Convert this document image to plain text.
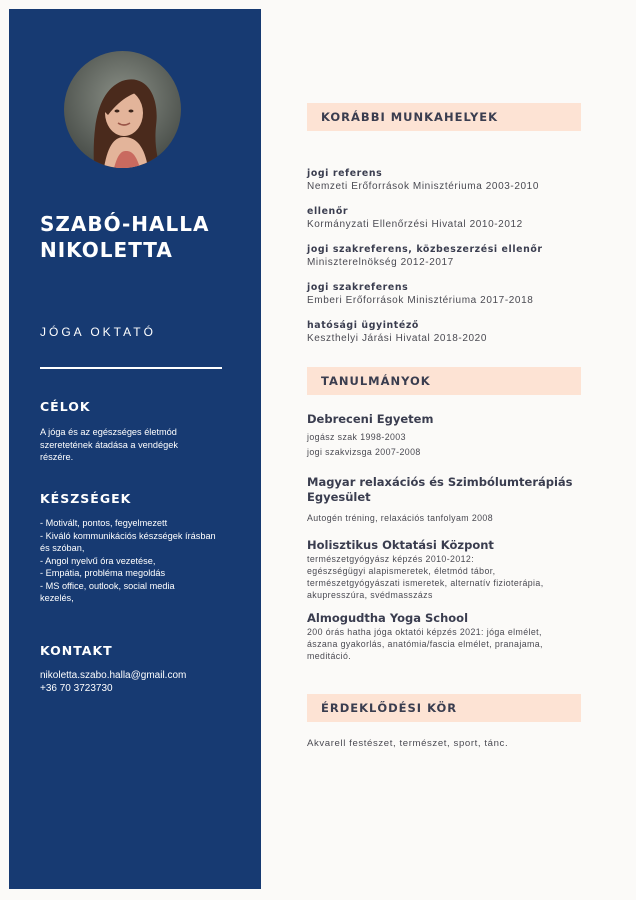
SZABÓ-HALLA
NIKOLETTA
JÓGA OKTATÓ
CÉLOK
A jóga és az egészséges életmód
szeretetének átadása a vendégek
részére.
KÉSZSÉGEK
- Motivált, pontos, fegyelmezett
- Kiváló kommunikációs készségek írásban
és szóban,
- Angol nyelvű óra vezetése,
- Empátia, probléma megoldás
- MS office, outlook, social media
kezelés,
KONTAKT
nikoletta.szabo.halla@gmail.com
+36 70 3723730
KORÁBBI MUNKAHELYEK
jogi referens
Nemzeti Erőforrások Minisztériuma 2003-2010
ellenőr
Kormányzati Ellenőrzési Hivatal 2010-2012
jogi szakreferens, közbeszerzési ellenőr
Miniszterelnökség 2012-2017
jogi szakreferens
Emberi Erőforrások Minisztériuma 2017-2018
hatósági ügyintéző
Keszthelyi Járási Hivatal 2018-2020
TANULMÁNYOK
Debreceni Egyetem
jogász szak 1998-2003
jogi szakvizsga 2007-2008
Magyar relaxációs és Szimbólumterápiás
Egyesület
Autogén tréning, relaxációs tanfolyam 2008
Holisztikus Oktatási Központ
természetgyógyász képzés 2010-2012:
egészségügyi alapismeretek, életmód tábor,
természetgyógyászati ismeretek, alternatív fizioterápia,
akupresszúra, svédmasszázs
Almogudtha Yoga School
200 órás hatha jóga oktatói képzés 2021: jóga elmélet,
ászana gyakorlás, anatómia/fascia elmélet, pranajama,
meditáció.
ÉRDEKLŐDÉSI KÖR
Akvarell festészet, természet, sport, tánc.
